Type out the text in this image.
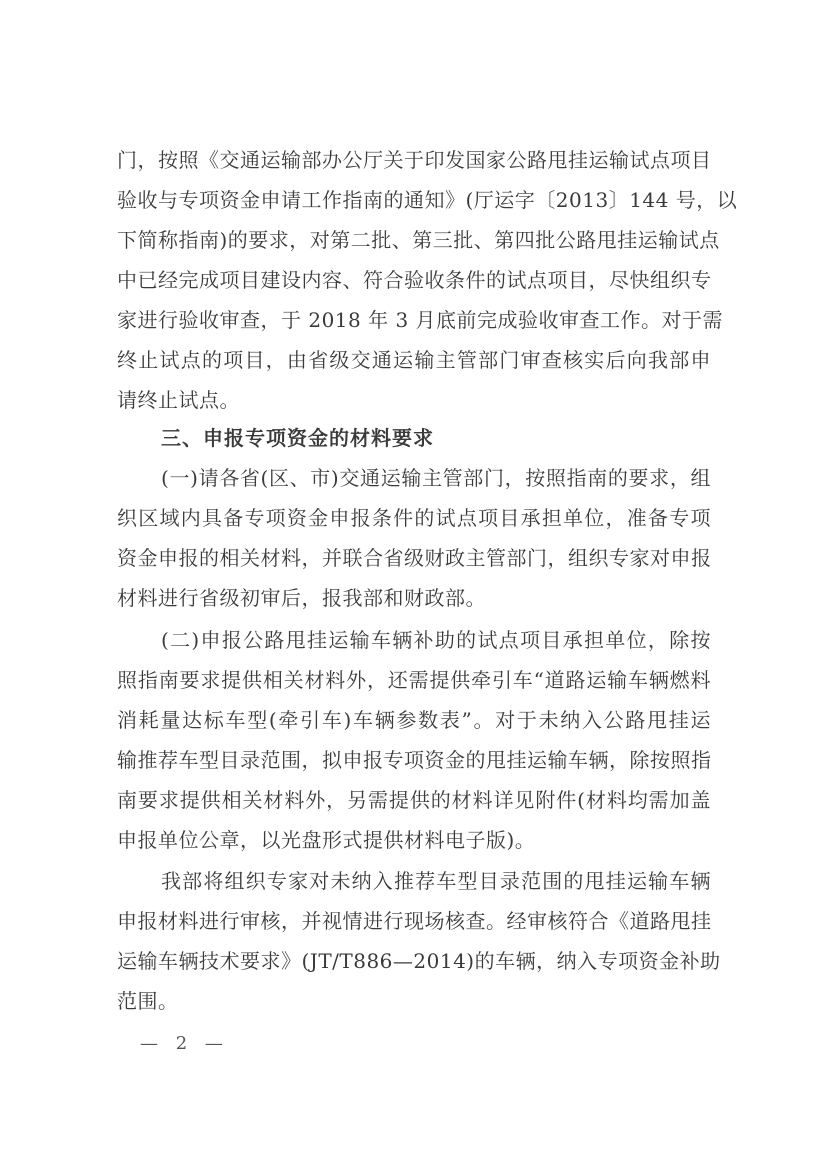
门，按照《交通运输部办公厅关于印发国家公路甩挂运输试点项目
验收与专项资金申请工作指南的通知》(厅运字〔2013〕144 号，以
下简称指南)的要求，对第二批、第三批、第四批公路甩挂运输试点
中已经完成项目建设内容、符合验收条件的试点项目，尽快组织专
家进行验收审查，于 2018 年 3 月底前完成验收审查工作。对于需
终止试点的项目，由省级交通运输主管部门审查核实后向我部申
请终止试点。
三、申报专项资金的材料要求
(一)请各省(区、市)交通运输主管部门，按照指南的要求，组
织区域内具备专项资金申报条件的试点项目承担单位，准备专项
资金申报的相关材料，并联合省级财政主管部门，组织专家对申报
材料进行省级初审后，报我部和财政部。
(二)申报公路甩挂运输车辆补助的试点项目承担单位，除按
照指南要求提供相关材料外，还需提供牵引车“道路运输车辆燃料
消耗量达标车型(牵引车)车辆参数表”。对于未纳入公路甩挂运
输推荐车型目录范围，拟申报专项资金的甩挂运输车辆，除按照指
南要求提供相关材料外，另需提供的材料详见附件(材料均需加盖
申报单位公章，以光盘形式提供材料电子版)。
我部将组织专家对未纳入推荐车型目录范围的甩挂运输车辆
申报材料进行审核，并视情进行现场核查。经审核符合《道路甩挂
运输车辆技术要求》(JT/T886—2014)的车辆，纳入专项资金补助
范围。
— 2 —
